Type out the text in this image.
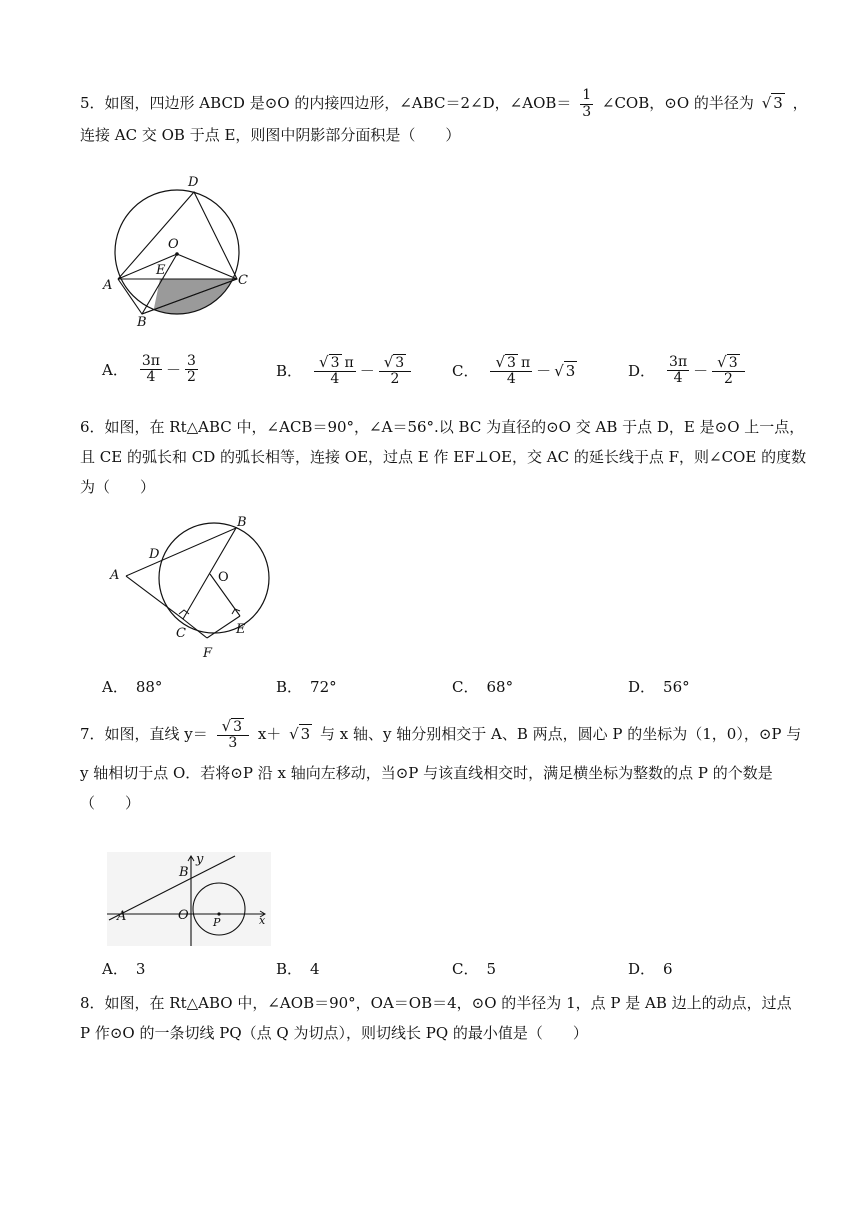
5．如图，四边形 ABCD 是⊙O 的内接四边形，∠ABC＝2∠D，∠AOB＝ $\frac{1}{3}$ ∠COB，⊙O 的半径为 √ 3 ，

连接 AC 交 OB 于点 E，则图中阴影部分面积是（　　）

D
O
E
A	C
B
A． $\frac{3\pi}{4} - \frac{3}{2}$	B． $\frac{√ 3 \pi}{4} - \frac{√ 3}{2}$	C． $\frac{√ 3 \pi}{4}$ － √ 3	D． $\frac{3\pi}{4} - \frac{√ 3}{2}$

6．如图，在 Rt△ABC 中，∠ACB＝90°，∠A＝56°.以 BC 为直径的⊙O 交 AB 于点 D，E 是⊙O 上一点，

且 CE 的弧长和 CD 的弧长相等，连接 OE，过点 E 作 EF⊥OE，交 AC 的延长线于点 F，则∠COE 的度数

为（　　）

B
D
A	O
C	E
F
A． 88°	B． 72°	C． 68°	D． 56°

7．如图，直线 $y= \frac{√ 3}{3} x+$ √ 3 与 x 轴、y 轴分别相交于 A、B 两点，圆心 P 的坐标为（1，0），⊙P 与

y 轴相切于点 O．若将⊙P 沿 x 轴向左移动，当⊙P 与该直线相交时，满足横坐标为整数的点 P 的个数是

（　　）

y
B
A	O P	x
A． 3	B． 4	C． 5	D． 6

8．如图，在 Rt△ABO 中，∠AOB＝90°，OA＝OB＝4，⊙O 的半径为 1，点 P 是 AB 边上的动点，过点

P 作⊙O 的一条切线 PQ（点 Q 为切点），则切线长 PQ 的最小值是（　　）
